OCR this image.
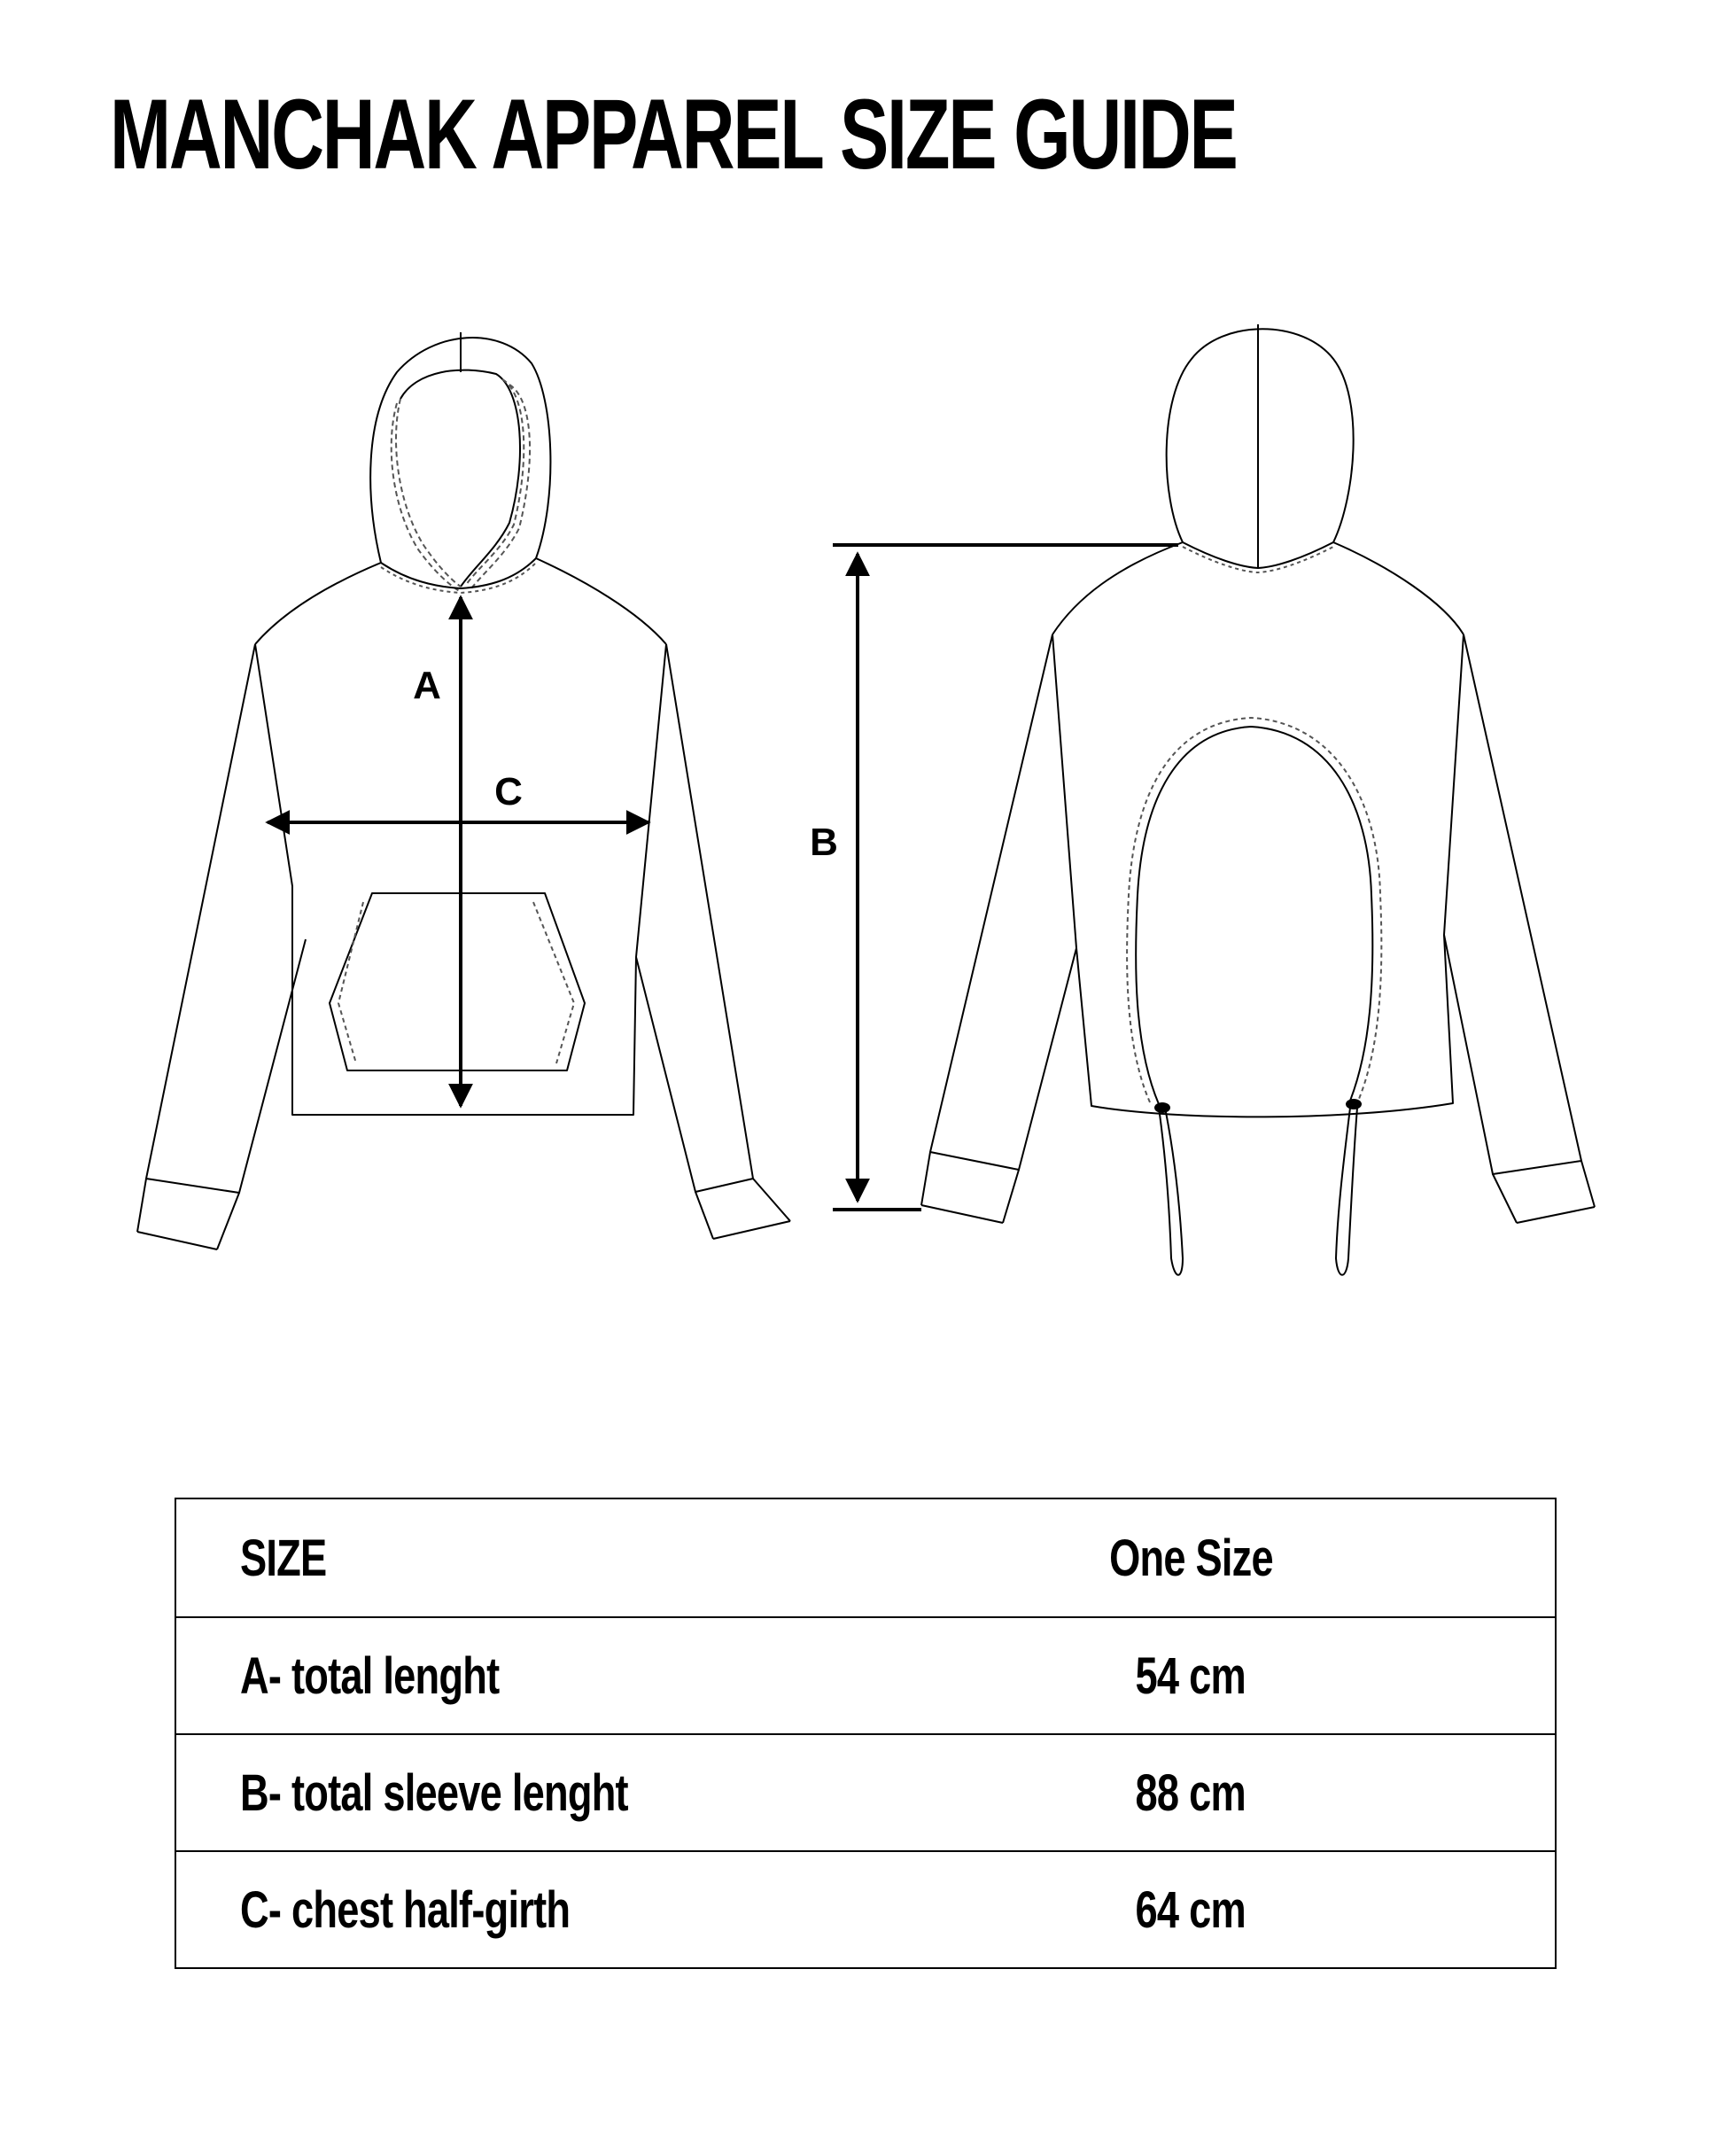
MANCHAK APPAREL SIZE GUIDE
A
C
B
SIZE	One Size
A- total lenght	54 cm
B- total sleeve lenght	88 cm
C- chest half-girth	64 cm
